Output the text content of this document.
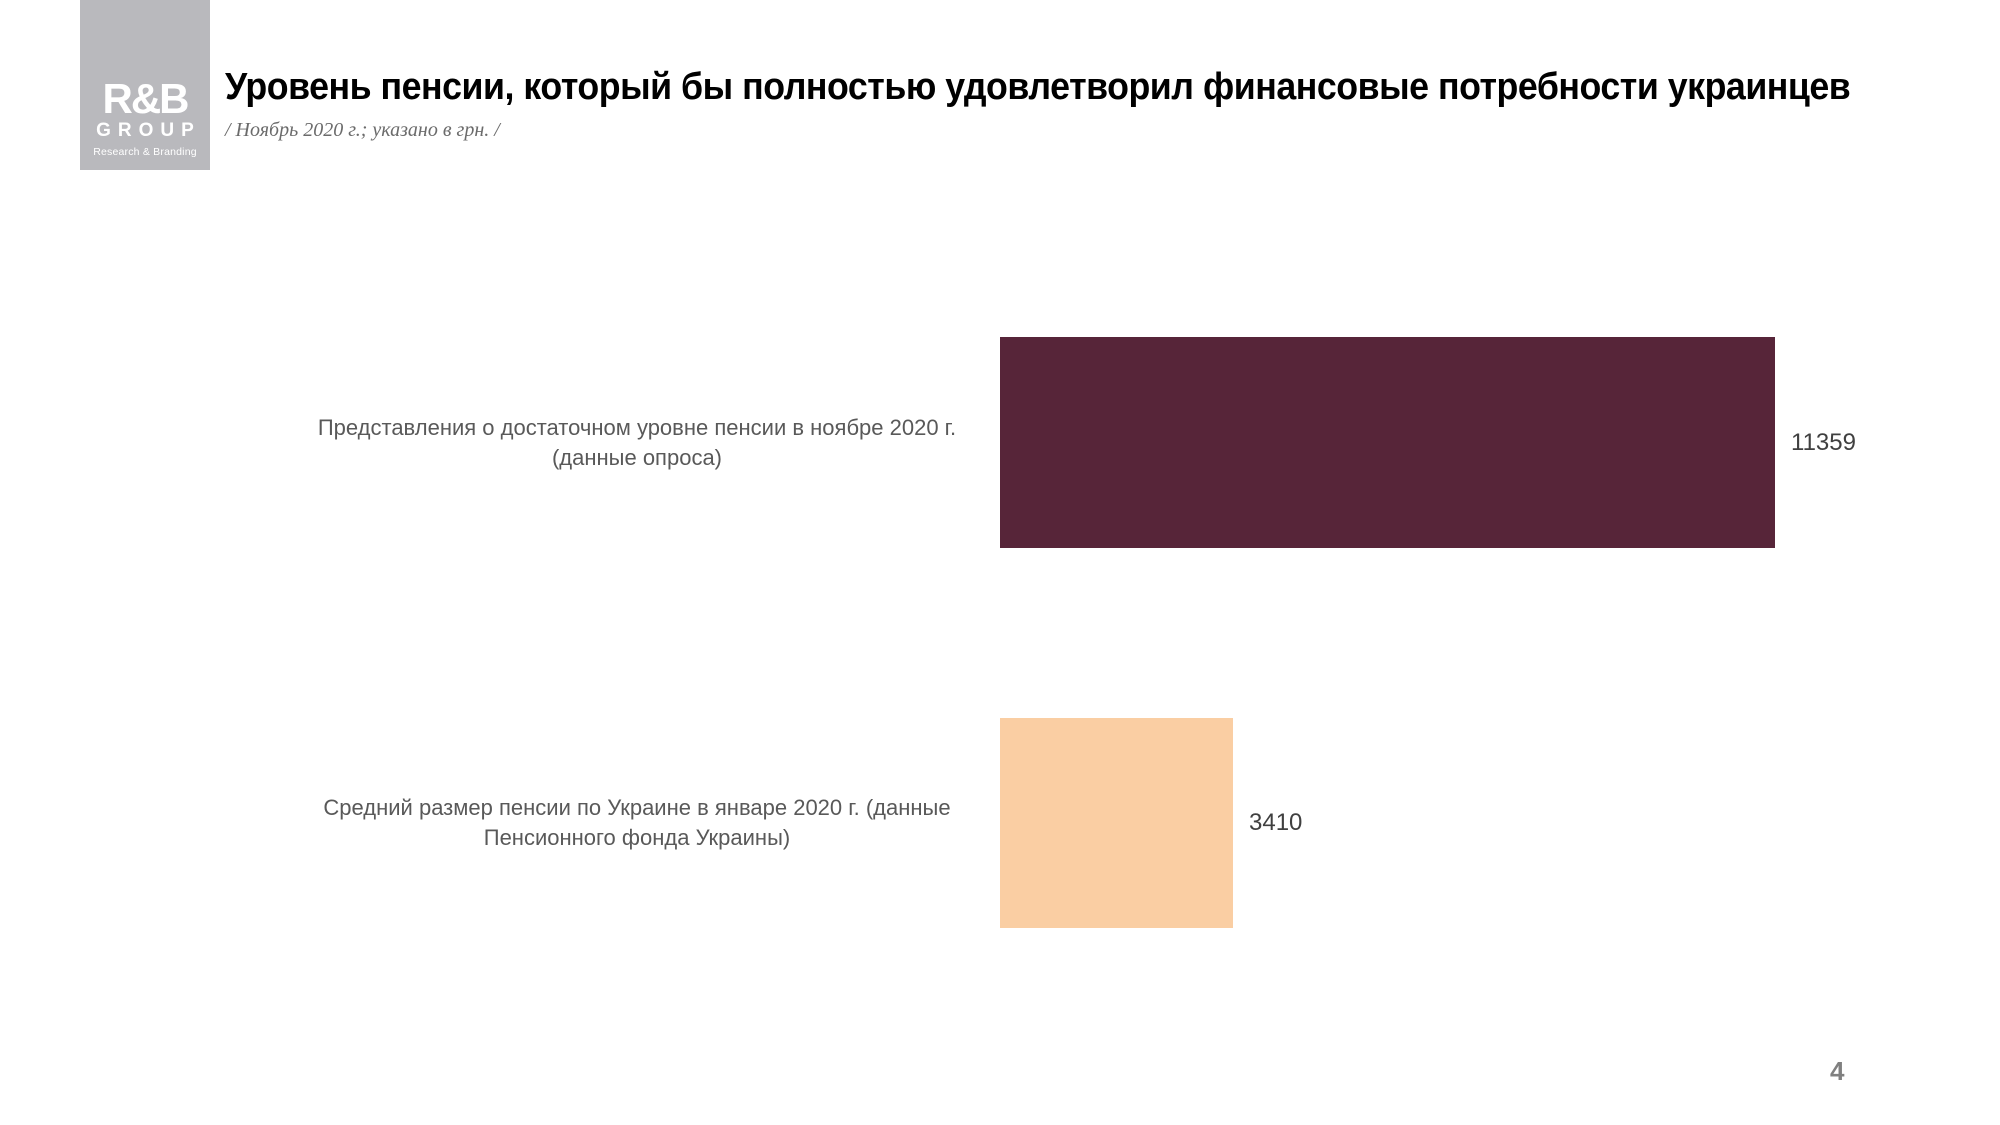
R&B
GROUP
Research & Branding
Уровень пенсии, который бы полностью удовлетворил финансовые потребности украинцев
/ Ноябрь 2020 г.; указано в грн. /
Представления о достаточном уровне пенсии в ноябре 2020 г. (данные опроса)
11359
Средний размер пенсии по Украине в январе 2020 г. (данные Пенсионного фонда Украины)
3410
4
